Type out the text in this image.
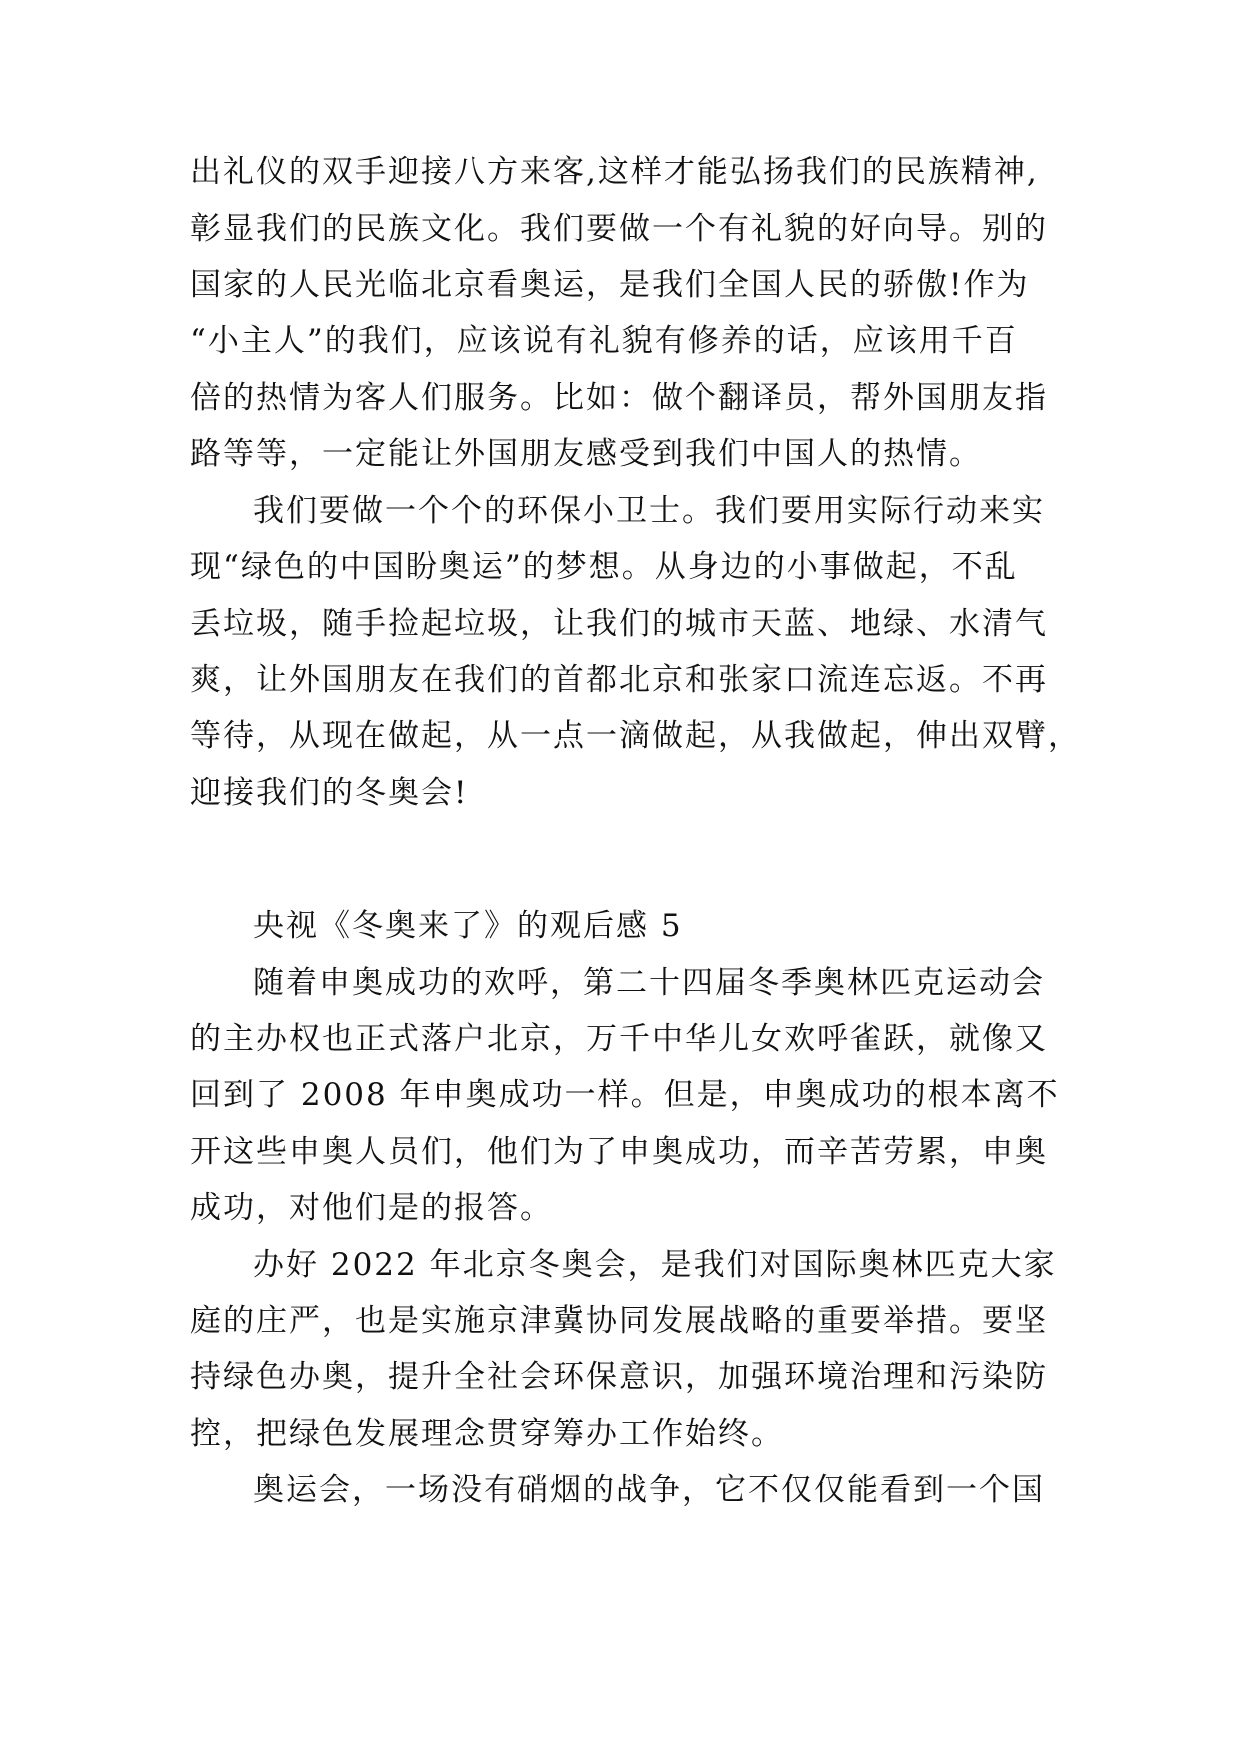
出礼仪的双手迎接八方来客,这样才能弘扬我们的民族精神,
彰显我们的民族文化。我们要做一个有礼貌的好向导。别的
国家的人民光临北京看奥运，是我们全国人民的骄傲!作为
“小主人”的我们，应该说有礼貌有修养的话，应该用千百
倍的热情为客人们服务。比如：做个翻译员，帮外国朋友指
路等等，一定能让外国朋友感受到我们中国人的热情。
我们要做一个个的环保小卫士。我们要用实际行动来实
现“绿色的中国盼奥运”的梦想。从身边的小事做起，不乱
丢垃圾，随手捡起垃圾，让我们的城市天蓝、地绿、水清气
爽，让外国朋友在我们的首都北京和张家口流连忘返。不再
等待，从现在做起，从一点一滴做起，从我做起，伸出双臂，
迎接我们的冬奥会!
央视《冬奥来了》的观后感 5
随着申奥成功的欢呼，第二十四届冬季奥林匹克运动会
的主办权也正式落户北京，万千中华儿女欢呼雀跃，就像又
回到了 2008 年申奥成功一样。但是，申奥成功的根本离不
开这些申奥人员们，他们为了申奥成功，而辛苦劳累，申奥
成功，对他们是的报答。
办好 2022 年北京冬奥会，是我们对国际奥林匹克大家
庭的庄严，也是实施京津冀协同发展战略的重要举措。要坚
持绿色办奥，提升全社会环保意识，加强环境治理和污染防
控，把绿色发展理念贯穿筹办工作始终。
奥运会，一场没有硝烟的战争，它不仅仅能看到一个国
